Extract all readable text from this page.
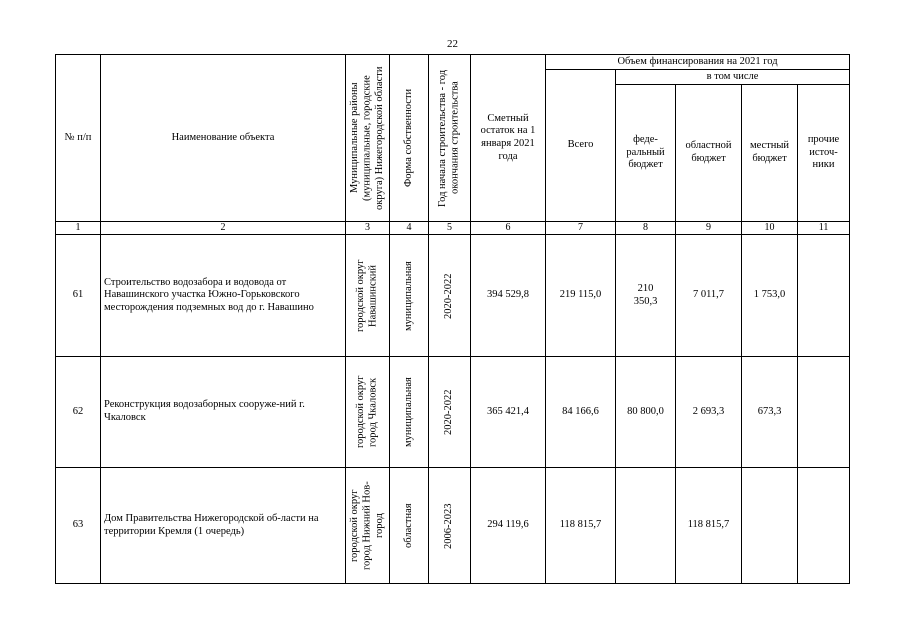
22
№ п/п	Наименование объекта	Муниципальные районы (муниципальные, городские округа) Нижегородской области	Форма собственности	Год начала строительства - год окончания строительства	Сметный остаток на 1 января 2021 года	Объем финансирования на 2021 год				
						Всего	в том числе			
							феде-ральный бюджет	областной бюджет	местный бюджет	прочие источ-ники
1	2	3	4	5	6	7	8	9	10	11
61	Строительство водозабора и водовода от Навашинского участка Южно-Горьковского месторождения подземных вод до г. Навашино	городской округ Навашинский	муниципальная	2020-2022	394 529,8	219 115,0	210 350,3	7 011,7	1 753,0	
62	Реконструкция водозаборных сооруже-ний г. Чкаловск	городской округ город Чкаловск	муниципальная	2020-2022	365 421,4	84 166,6	80 800,0	2 693,3	673,3	
63	Дом Правительства Нижегородской об-ласти на территории Кремля (1 очередь)	городской округ город Нижний Нов-город	областная	2006-2023	294 119,6	118 815,7		118 815,7		
